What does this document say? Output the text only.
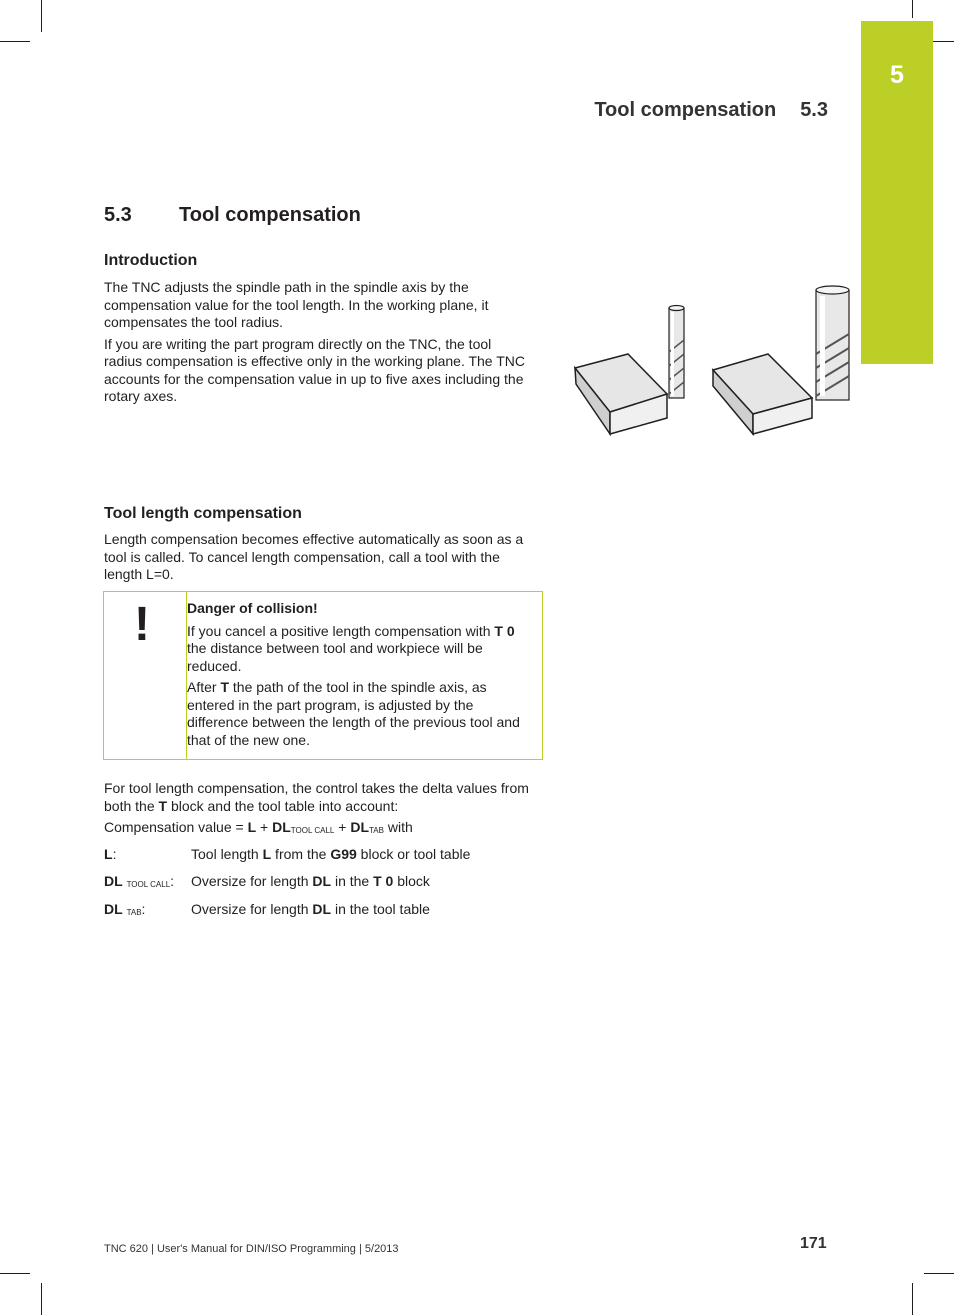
5
Tool compensation 5.3
5.3 Tool compensation
Introduction

The TNC adjusts the spindle path in the spindle axis by the compensation value for the tool length. In the working plane, it compensates the tool radius.

If you are writing the part program directly on the TNC, the tool radius compensation is effective only in the working plane. The TNC accounts for the compensation value in up to five axes including the rotary axes.

Tool length compensation

Length compensation becomes effective automatically as soon as a tool is called. To cancel length compensation, call a tool with the length L=0.

!	Danger of collision!

If you cancel a positive length compensation with T 0 the distance between tool and workpiece will be reduced.

After T the path of the tool in the spindle axis, as entered in the part program, is adjusted by the difference between the length of the previous tool and that of the new one.

For tool length compensation, the control takes the delta values from both the T block and the tool table into account:

Compensation value = $L + DL_{TOOL CALL} + DL_{TAB}$ with

L:	Tool length L from the G99 block or tool table
DL $_{TOOL CALL}$:	Oversize for length DL in the T 0 block
DL $_{TAB}$:	Oversize for length DL in the tool table
TNC 620 | User's Manual for DIN/ISO Programming | 5/2013	171
